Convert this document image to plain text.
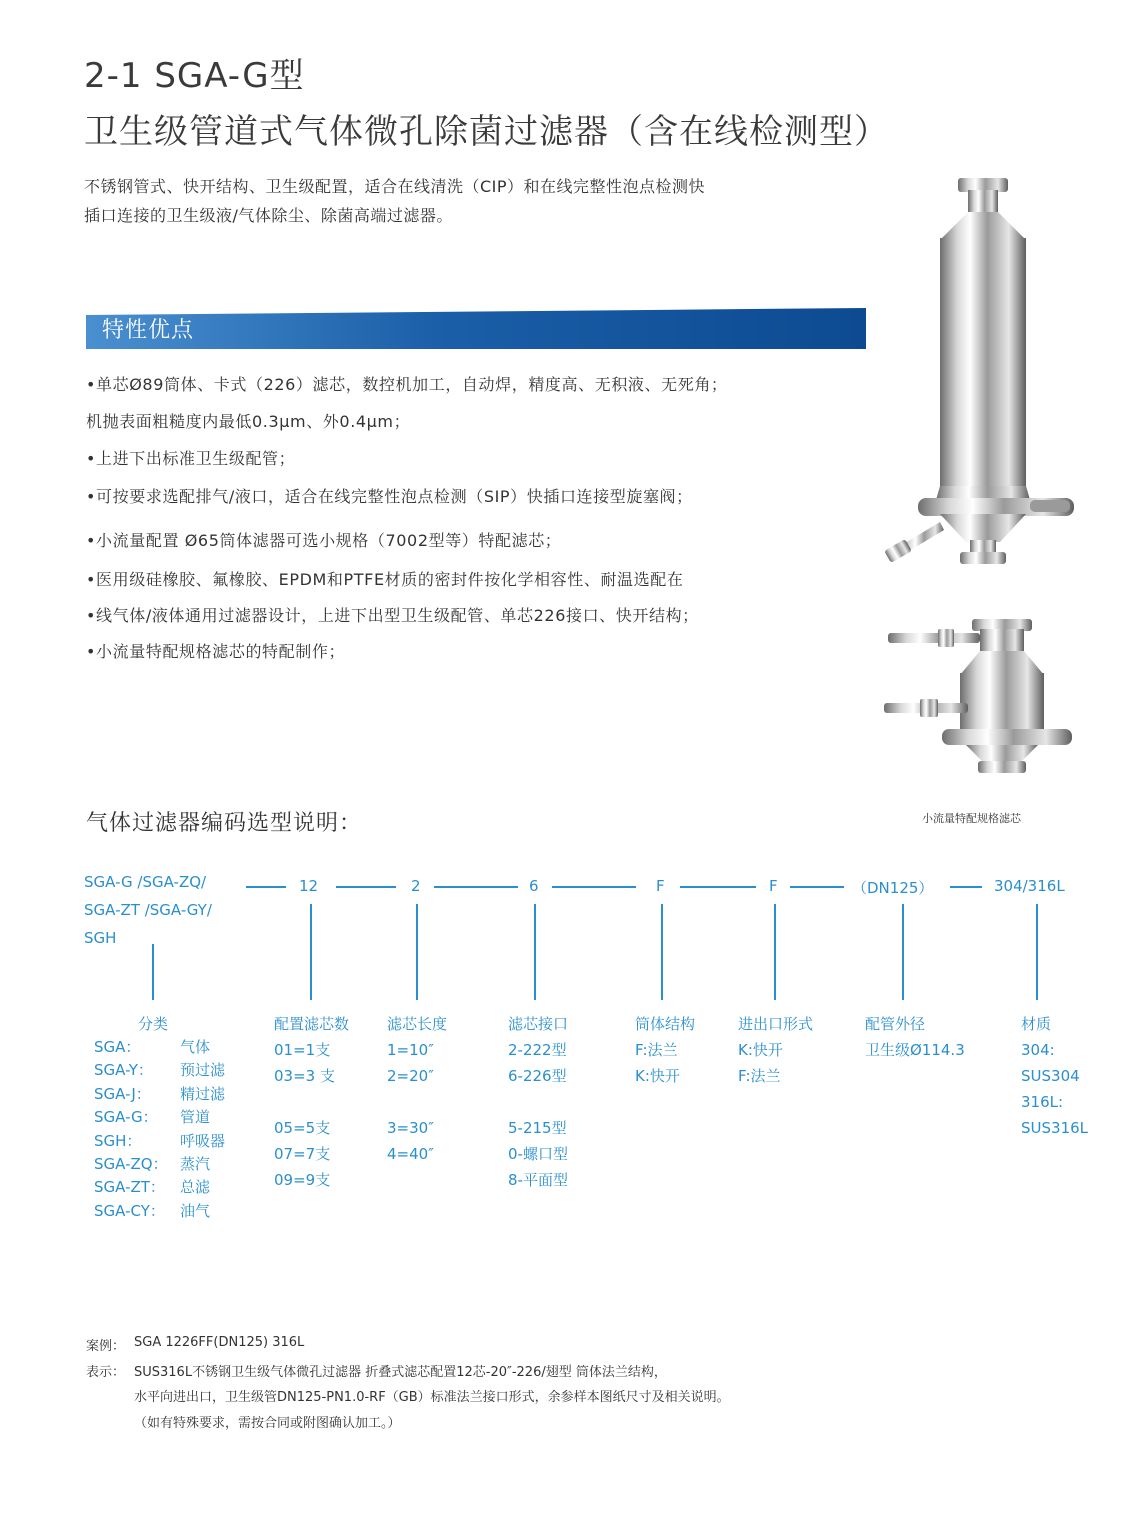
2-1 SGA-G型
卫生级管道式气体微孔除菌过滤器（含在线检测型）
不锈钢管式、快开结构、卫生级配置，适合在线清洗（CIP）和在线完整性泡点检测快
插口连接的卫生级液/气体除尘、除菌高端过滤器。
特性优点
•单芯Ø89筒体、卡式（226）滤芯，数控机加工，自动焊，精度高、无积液、无死角；
机抛表面粗糙度内最低0.3μm、外0.4μm；
•上进下出标准卫生级配管；
•可按要求选配排气/液口，适合在线完整性泡点检测（SIP）快插口连接型旋塞阀；
•小流量配置 Ø65筒体滤器可选小规格（7002型等）特配滤芯；
•医用级硅橡胶、氟橡胶、EPDM和PTFE材质的密封件按化学相容性、耐温选配在
•线气体/液体通用过滤器设计，上进下出型卫生级配管、单芯226接口、快开结构；
•小流量特配规格滤芯的特配制作；
小流量特配规格滤芯
气体过滤器编码选型说明：
SGA-G /SGA-ZQ/
SGA-ZT /SGA-GY/
SGH
12	2	6	F	F	（DN125）	304/316L
分类
SGA：	气体
SGA-Y： 预过滤
SGA-J： 精过滤
SGA-G： 管道
SGH：	呼吸器
SGA-ZQ： 蒸汽
SGA-ZT： 总滤
SGA-CY： 油气
配置滤芯数
01=1支
03=3 支
05=5支
07=7支
09=9支
滤芯长度
1=10″
2=20″
3=30″
4=40″
滤芯接口
2-222型
6-226型
5-215型
0-螺口型
8-平面型
筒体结构
F:法兰
K:快开
进出口形式
K:快开
F:法兰
配管外径
卫生级Ø114.3
材质
304:
SUS304
316L:
SUS316L
案例： SGA 1226FF(DN125) 316L
表示： SUS316L不锈钢卫生级气体微孔过滤器 折叠式滤芯配置12芯-20″-226/翅型 筒体法兰结构，
水平向进出口，卫生级管DN125-PN1.0-RF（GB）标准法兰接口形式，余参样本图纸尺寸及相关说明。
（如有特殊要求，需按合同或附图确认加工。）
